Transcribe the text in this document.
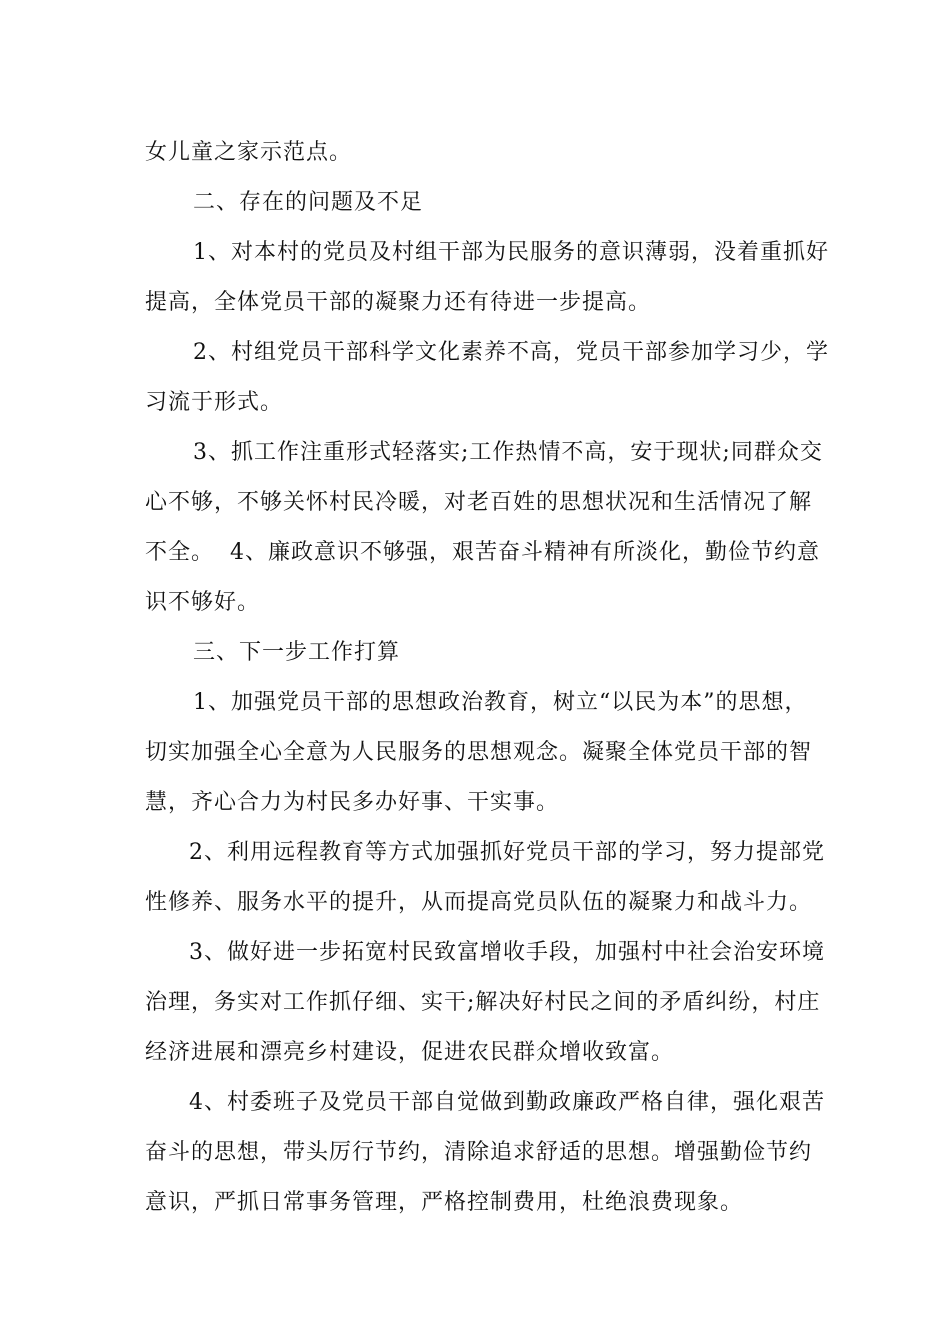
女儿童之家示范点。

二、存在的问题及不足

1、对本村的党员及村组干部为民服务的意识薄弱，没着重抓好提高，全体党员干部的凝聚力还有待进一步提高。

2、村组党员干部科学文化素养不高，党员干部参加学习少，学习流于形式。

3、抓工作注重形式轻落实;工作热情不高，安于现状;同群众交心不够，不够关怀村民冷暖，对老百姓的思想状况和生活情况了解不全。  4、廉政意识不够强，艰苦奋斗精神有所淡化，勤俭节约意识不够好。

三、下一步工作打算

1、加强党员干部的思想政治教育，树立“以民为本”的思想，切实加强全心全意为人民服务的思想观念。凝聚全体党员干部的智慧，齐心合力为村民多办好事、干实事。

2、利用远程教育等方式加强抓好党员干部的学习，努力提部党性修养、服务水平的提升，从而提高党员队伍的凝聚力和战斗力。

3、做好进一步拓宽村民致富增收手段，加强村中社会治安环境治理，务实对工作抓仔细、实干;解决好村民之间的矛盾纠纷，村庄经济进展和漂亮乡村建设，促进农民群众增收致富。

4、村委班子及党员干部自觉做到勤政廉政严格自律，强化艰苦奋斗的思想，带头厉行节约，清除追求舒适的思想。增强勤俭节约意识，严抓日常事务管理，严格控制费用，杜绝浪费现象。
